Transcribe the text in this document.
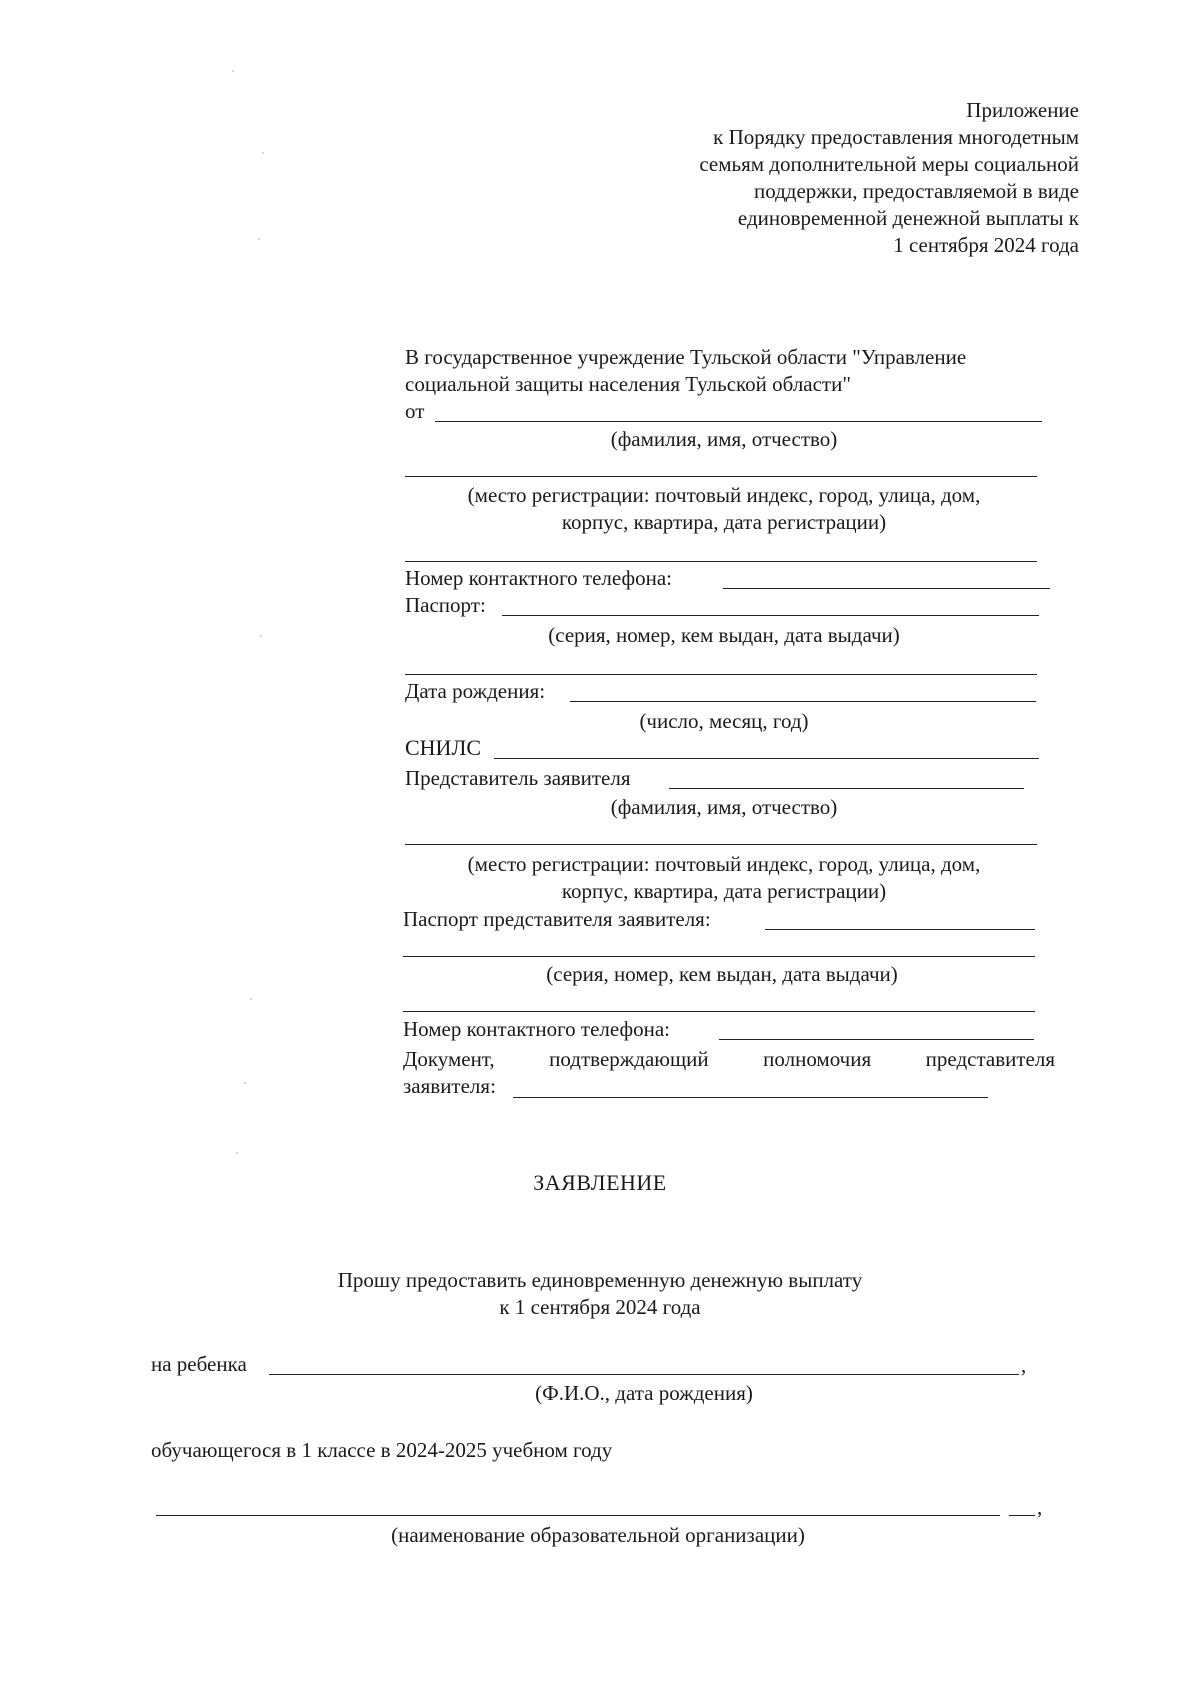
Приложение
к Порядку предоставления многодетным
семьям дополнительной меры социальной
поддержки, предоставляемой в виде
единовременной денежной выплаты к
1 сентября 2024 года
В государственное учреждение Тульской области "Управление
социальной защиты населения Тульской области"
от
(фамилия, имя, отчество)
(место регистрации: почтовый индекс, город, улица, дом,
корпус, квартира, дата регистрации)
Номер контактного телефона:
Паспорт:
(серия, номер, кем выдан, дата выдачи)
Дата рождения:
(число, месяц, год)
СНИЛС
Представитель заявителя
(фамилия, имя, отчество)
(место регистрации: почтовый индекс, город, улица, дом,
корпус, квартира, дата регистрации)
Паспорт представителя заявителя:
(серия, номер, кем выдан, дата выдачи)
Номер контактного телефона:
Документ,	подтверждающий	полномочия	представителя
заявителя:
ЗАЯВЛЕНИЕ
Прошу предоставить единовременную денежную выплату
к 1 сентября 2024 года
на ребенка	,
(Ф.И.О., дата рождения)
обучающегося в 1 классе в 2024-2025 учебном году
,
(наименование образовательной организации)
